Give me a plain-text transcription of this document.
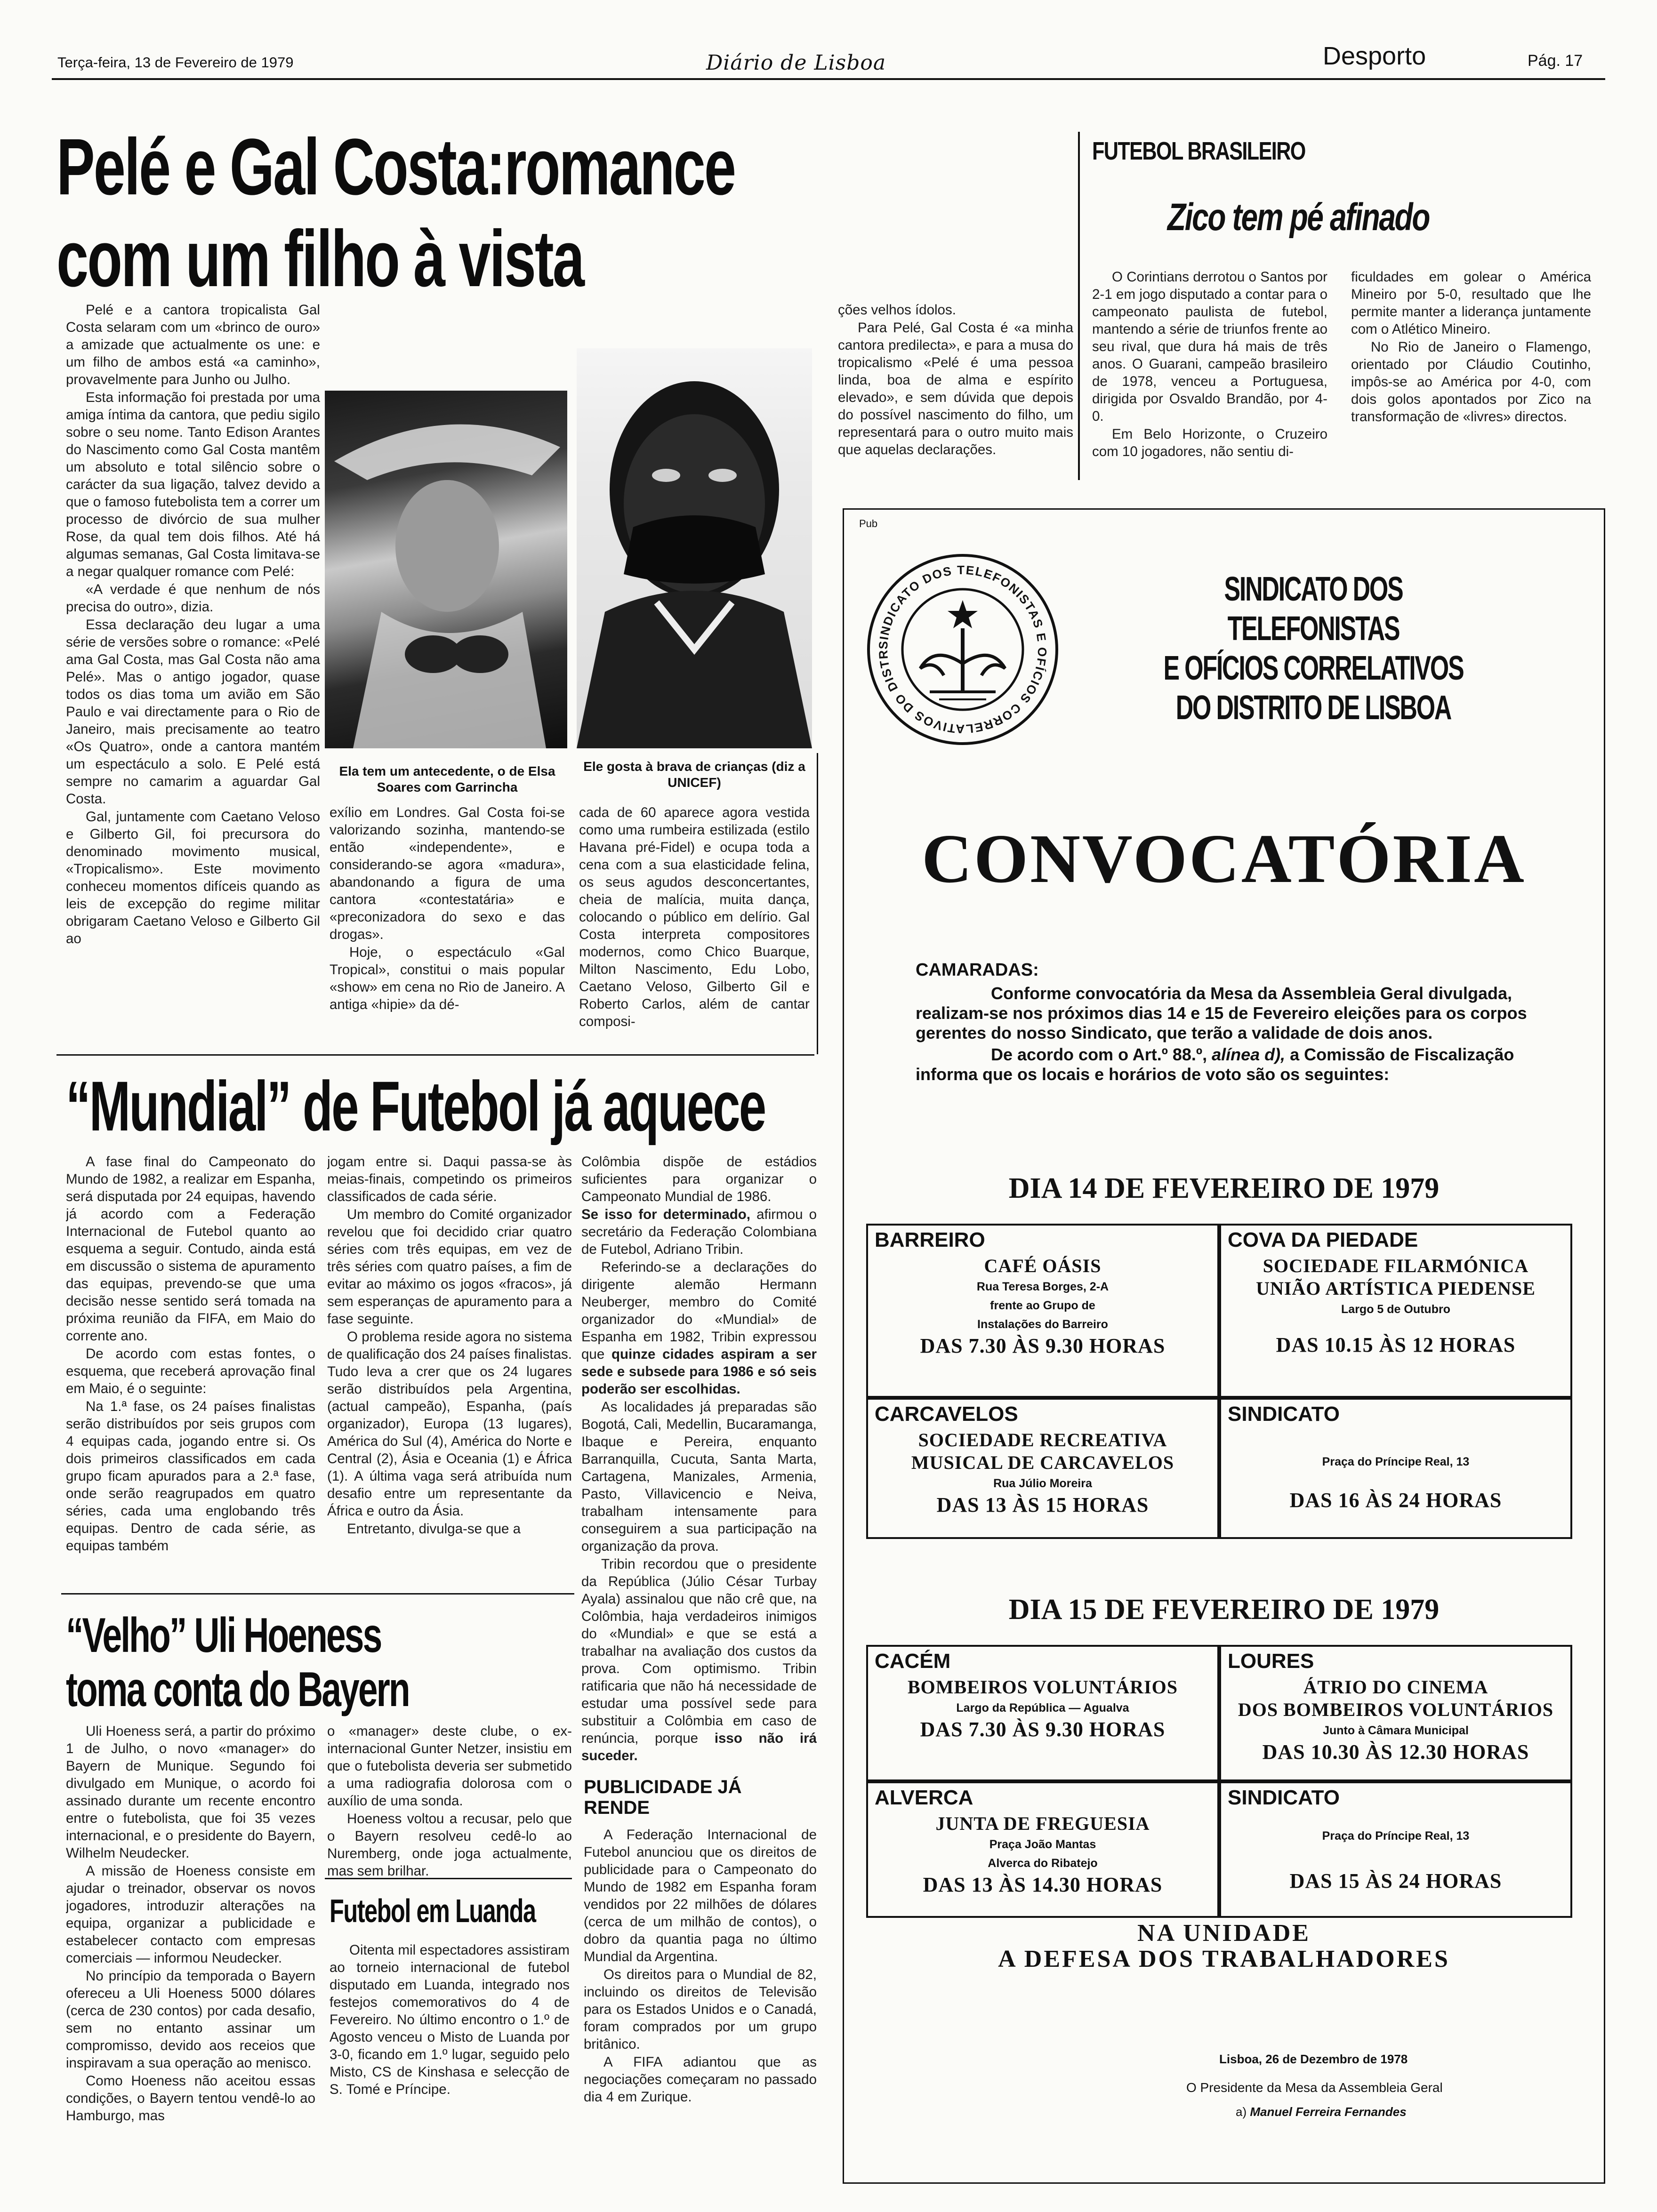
Terça-feira, 13 de Fevereiro de 1979	Diário de Lisboa	Desporto	Pág. 17
Pelé e Gal Costa:romance
com um filho à vista

Pelé e a cantora tropicalista Gal Costa selaram com um «brinco de ouro» a amizade que actualmente os une: e um filho de ambos está «a caminho», provavelmente para Junho ou Julho.

Esta informação foi prestada por uma amiga íntima da cantora, que pediu sigilo sobre o seu nome. Tanto Edison Arantes do Nascimento como Gal Costa mantêm um absoluto e total silêncio sobre o carácter da sua ligação, talvez devido a que o famoso futebolista tem a correr um processo de divórcio de sua mulher Rose, da qual tem dois filhos. Até há algumas semanas, Gal Costa limitava-se a negar qualquer romance com Pelé:

«A verdade é que nenhum de nós precisa do outro», dizia.

Essa declaração deu lugar a uma série de versões sobre o romance: «Pelé ama Gal Costa, mas Gal Costa não ama Pelé». Mas o antigo jogador, quase todos os dias toma um avião em São Paulo e vai directamente para o Rio de Janeiro, mais precisamente ao teatro «Os Quatro», onde a cantora mantém um espectáculo a solo. E Pelé está sempre no camarim a aguardar Gal Costa.

Gal, juntamente com Caetano Veloso e Gilberto Gil, foi precursora do denominado movimento musical, «Tropicalismo». Este movimento conheceu momentos difíceis quando as leis de excepção do regime militar obrigaram Caetano Veloso e Gilberto Gil ao

Ela tem um antecedente, o de Elsa Soares com Garrincha
Ele gosta à brava de crianças (diz a UNICEF)

exílio em Londres. Gal Costa foi-se valorizando sozinha, mantendo-se então «independente», e considerando-se agora «madura», abandonando a figura de uma cantora «contestatária» e «preconizadora do sexo e das drogas».

Hoje, o espectáculo «Gal Tropical», constitui o mais popular «show» em cena no Rio de Janeiro. A antiga «hipie» da dé-

cada de 60 aparece agora vestida como uma rumbeira estilizada (estilo Havana pré-Fidel) e ocupa toda a cena com a sua elasticidade felina, os seus agudos desconcertantes, cheia de malícia, muita dança, colocando o público em delírio. Gal Costa interpreta compositores modernos, como Chico Buarque, Milton Nascimento, Edu Lobo, Caetano Veloso, Gilberto Gil e Roberto Carlos, além de cantar composi-

ções velhos ídolos.

Para Pelé, Gal Costa é «a minha cantora predilecta», e para a musa do tropicalismo «Pelé é uma pessoa linda, boa de alma e espírito elevado», e sem dúvida que depois do possível nascimento do filho, um representará para o outro muito mais que aquelas declarações.

FUTEBOL BRASILEIRO
Zico tem pé afinado

O Corintians derrotou o Santos por 2-1 em jogo disputado a contar para o campeonato paulista de futebol, mantendo a série de triunfos frente ao seu rival, que dura há mais de três anos. O Guarani, campeão brasileiro de 1978, venceu a Portuguesa, dirigida por Osvaldo Brandão, por 4-0.

Em Belo Horizonte, o Cruzeiro com 10 jogadores, não sentiu di-

ficuldades em golear o América Mineiro por 5-0, resultado que lhe permite manter a liderança juntamente com o Atlético Mineiro.

No Rio de Janeiro o Flamengo, orientado por Cláudio Coutinho, impôs-se ao América por 4-0, com dois golos apontados por Zico na transformação de «livres» directos.

“Mundial” de Futebol já aquece

A fase final do Campeonato do Mundo de 1982, a realizar em Espanha, será disputada por 24 equipas, havendo já acordo com a Federação Internacional de Futebol quanto ao esquema a seguir. Contudo, ainda está em discussão o sistema de apuramento das equipas, prevendo-se que uma decisão nesse sentido será tomada na próxima reunião da FIFA, em Maio do corrente ano.

De acordo com estas fontes, o esquema, que receberá aprovação final em Maio, é o seguinte:

Na 1.ª fase, os 24 países finalistas serão distribuídos por seis grupos com 4 equipas cada, jogando entre si. Os dois primeiros classificados em cada grupo ficam apurados para a 2.ª fase, onde serão reagrupados em quatro séries, cada uma englobando três equipas. Dentro de cada série, as equipas também

jogam entre si. Daqui passa-se às meias-finais, competindo os primeiros classificados de cada série.

Um membro do Comité organizador revelou que foi decidido criar quatro séries com três equipas, em vez de três séries com quatro países, a fim de evitar ao máximo os jogos «fracos», já sem esperanças de apuramento para a fase seguinte.

O problema reside agora no sistema de qualificação dos 24 países finalistas. Tudo leva a crer que os 24 lugares serão distribuídos pela Argentina, (actual campeão), Espanha, (país organizador), Europa (13 lugares), América do Sul (4), América do Norte e Central (2), Ásia e Oceania (1) e África (1). A última vaga será atribuída num desafio entre um representante da África e outro da Ásia.

Entretanto, divulga-se que a

Colômbia dispõe de estádios suficientes para organizar o Campeonato Mundial de 1986.

Se isso for determinado, afirmou o secretário da Federação Colombiana de Futebol, Adriano Tribin.

Referindo-se a declarações do dirigente alemão Hermann Neuberger, membro do Comité organizador do «Mundial» de Espanha em 1982, Tribin expressou que quinze cidades aspiram a ser sede e subsede para 1986 e só seis poderão ser escolhidas.

As localidades já preparadas são Bogotá, Cali, Medellin, Bucaramanga, Ibaque e Pereira, enquanto Barranquilla, Cucuta, Santa Marta, Cartagena, Manizales, Armenia, Pasto, Villavicencio e Neiva, trabalham intensamente para conseguirem a sua participação na organização da prova.

Tribin recordou que o presidente da República (Júlio César Turbay Ayala) assinalou que não crê que, na Colômbia, haja verdadeiros inimigos do «Mundial» e que se está a trabalhar na avaliação dos custos da prova. Com optimismo. Tribin ratificaria que não há necessidade de estudar uma possível sede para substituir a Colômbia em caso de renúncia, porque isso não irá suceder.

“Velho” Uli Hoeness
toma conta do Bayern

Uli Hoeness será, a partir do próximo 1 de Julho, o novo «manager» do Bayern de Munique. Segundo foi divulgado em Munique, o acordo foi assinado durante um recente encontro entre o futebolista, que foi 35 vezes internacional, e o presidente do Bayern, Wilhelm Neudecker.

A missão de Hoeness consiste em ajudar o treinador, observar os novos jogadores, introduzir alterações na equipa, organizar a publicidade e estabelecer contacto com empresas comerciais — informou Neudecker.

No princípio da temporada o Bayern ofereceu a Uli Hoeness 5000 dólares (cerca de 230 contos) por cada desafio, sem no entanto assinar um compromisso, devido aos receios que inspiravam a sua operação ao menisco.

Como Hoeness não aceitou essas condições, o Bayern tentou vendê-lo ao Hamburgo, mas

o «manager» deste clube, o ex-internacional Gunter Netzer, insistiu em que o futebolista deveria ser submetido a uma radiografia dolorosa com o auxílio de uma sonda.

Hoeness voltou a recusar, pelo que o Bayern resolveu cedê-lo ao Nuremberg, onde joga actualmente, mas sem brilhar.

Futebol em Luanda

Oitenta mil espectadores assistiram ao torneio internacional de futebol disputado em Luanda, integrado nos festejos comemorativos do 4 de Fevereiro. No último encontro o 1.º de Agosto venceu o Misto de Luanda por 3-0, ficando em 1.º lugar, seguido pelo Misto, CS de Kinshasa e selecção de S. Tomé e Príncipe.

PUBLICIDADE JÁ RENDE

A Federação Internacional de Futebol anunciou que os direitos de publicidade para o Campeonato do Mundo de 1982 em Espanha foram vendidos por 22 milhões de dólares (cerca de um milhão de contos), o dobro da quantia paga no último Mundial da Argentina.

Os direitos para o Mundial de 82, incluindo os direitos de Televisão para os Estados Unidos e o Canadá, foram comprados por um grupo britânico.

A FIFA adiantou que as negociações começaram no passado dia 4 em Zurique.

Pub
SINDICATO DOS TELEFONISTAS E OFÍCIOS CORRELATIVOS DO DISTR
SINDICATO DOS TELEFONISTAS
E OFÍCIOS CORRELATIVOS
DO DISTRITO DE LISBOA
CONVOCATÓRIA
CAMARADAS:
Conforme convocatória da Mesa da Assembleia Geral divulgada, realizam-se nos próximos dias 14 e 15 de Fevereiro eleições para os corpos gerentes do nosso Sindicato, que terão a validade de dois anos.
De acordo com o Art.º 88.º, alínea d), a Comissão de Fiscalização informa que os locais e horários de voto são os seguintes:
DIA 14 DE FEVEREIRO DE 1979
BARREIRO
CAFÉ OÁSIS
Rua Teresa Borges, 2-A
frente ao Grupo de
Instalações do Barreiro
DAS 7.30 ÀS 9.30 HORAS
COVA DA PIEDADE
SOCIEDADE FILARMÓNICA
UNIÃO ARTÍSTICA PIEDENSE
Largo 5 de Outubro
DAS 10.15 ÀS 12 HORAS
CARCAVELOS
SOCIEDADE RECREATIVA
MUSICAL DE CARCAVELOS
Rua Júlio Moreira
DAS 13 ÀS 15 HORAS
SINDICATO
Praça do Príncipe Real, 13
DAS 16 ÀS 24 HORAS
DIA 15 DE FEVEREIRO DE 1979
CACÉM
BOMBEIROS VOLUNTÁRIOS
Largo da República — Agualva
DAS 7.30 ÀS 9.30 HORAS
LOURES
ÁTRIO DO CINEMA
DOS BOMBEIROS VOLUNTÁRIOS
Junto à Câmara Municipal
DAS 10.30 ÀS 12.30 HORAS
ALVERCA
JUNTA DE FREGUESIA
Praça João Mantas
Alverca do Ribatejo
DAS 13 ÀS 14.30 HORAS
SINDICATO
Praça do Príncipe Real, 13
DAS 15 ÀS 24 HORAS
NA UNIDADE
A DEFESA DOS TRABALHADORES
Lisboa, 26 de Dezembro de 1978
O Presidente da Mesa da Assembleia Geral
a) Manuel Ferreira Fernandes
